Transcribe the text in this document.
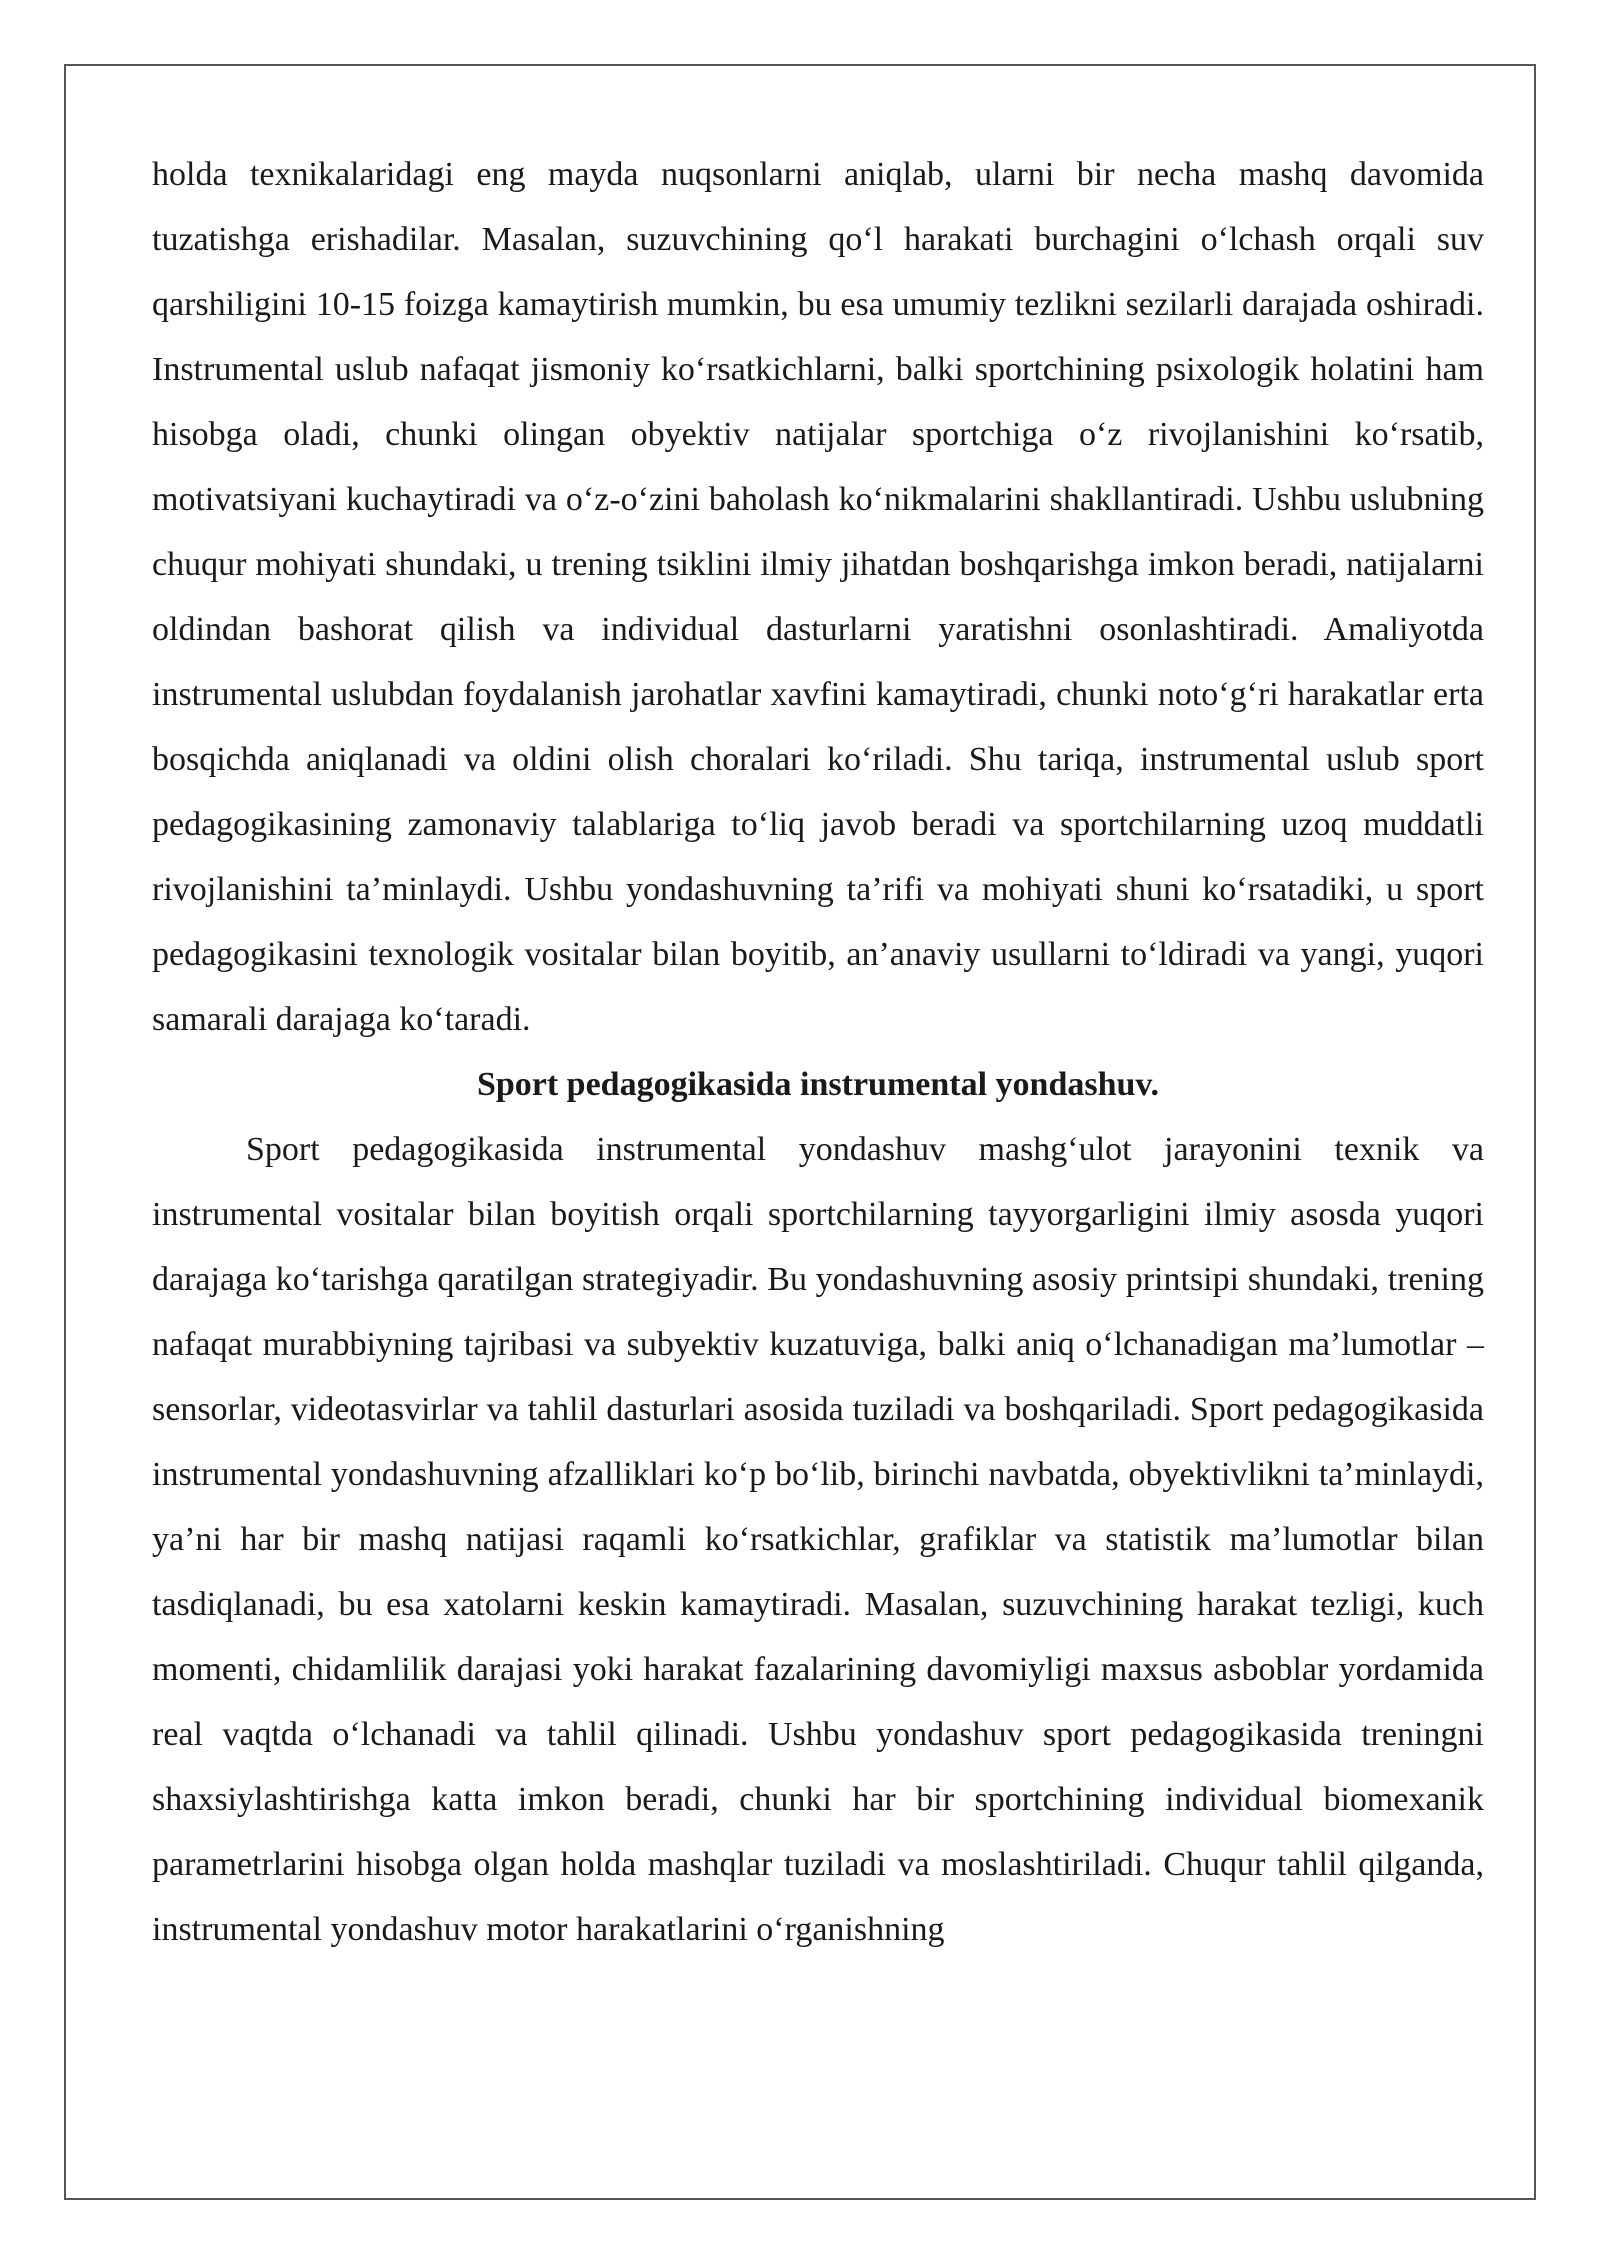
holda texnikalaridagi eng mayda nuqsonlarni aniqlab, ularni bir necha mashq davomida tuzatishga erishadilar. Masalan, suzuvchining qo‘l harakati burchagini o‘lchash orqali suv qarshiligini 10-15 foizga kamaytirish mumkin, bu esa umumiy tezlikni sezilarli darajada oshiradi. Instrumental uslub nafaqat jismoniy ko‘rsatkichlarni, balki sportchining psixologik holatini ham hisobga oladi, chunki olingan obyektiv natijalar sportchiga o‘z rivojlanishini ko‘rsatib, motivatsiyani kuchaytiradi va o‘z-o‘zini baholash ko‘nikmalarini shakllantiradi. Ushbu uslubning chuqur mohiyati shundaki, u trening tsiklini ilmiy jihatdan boshqarishga imkon beradi, natijalarni oldindan bashorat qilish va individual dasturlarni yaratishni osonlashtiradi. Amaliyotda instrumental uslubdan foydalanish jarohatlar xavfini kamaytiradi, chunki noto‘g‘ri harakatlar erta bosqichda aniqlanadi va oldini olish choralari ko‘riladi. Shu tariqa, instrumental uslub sport pedagogikasining zamonaviy talablariga to‘liq javob beradi va sportchilarning uzoq muddatli rivojlanishini ta’minlaydi. Ushbu yondashuvning ta’rifi va mohiyati shuni ko‘rsatadiki, u sport pedagogikasini texnologik vositalar bilan boyitib, an’anaviy usullarni to‘ldiradi va yangi, yuqori samarali darajaga ko‘taradi.

Sport pedagogikasida instrumental yondashuv.

Sport pedagogikasida instrumental yondashuv mashg‘ulot jarayonini texnik va instrumental vositalar bilan boyitish orqali sportchilarning tayyorgarligini ilmiy asosda yuqori darajaga ko‘tarishga qaratilgan strategiyadir. Bu yondashuvning asosiy printsipi shundaki, trening nafaqat murabbiyning tajribasi va subyektiv kuzatuviga, balki aniq o‘lchanadigan ma’lumotlar – sensorlar, videotasvirlar va tahlil dasturlari asosida tuziladi va boshqariladi. Sport pedagogikasida instrumental yondashuvning afzalliklari ko‘p bo‘lib, birinchi navbatda, obyektivlikni ta’minlaydi, ya’ni har bir mashq natijasi raqamli ko‘rsatkichlar, grafiklar va statistik ma’lumotlar bilan tasdiqlanadi, bu esa xatolarni keskin kamaytiradi. Masalan, suzuvchining harakat tezligi, kuch momenti, chidamlilik darajasi yoki harakat fazalarining davomiyligi maxsus asboblar yordamida real vaqtda o‘lchanadi va tahlil qilinadi. Ushbu yondashuv sport pedagogikasida treningni shaxsiylashtirishga katta imkon beradi, chunki har bir sportchining individual biomexanik parametrlarini hisobga olgan holda mashqlar tuziladi va moslashtiriladi. Chuqur tahlil qilganda, instrumental yondashuv motor harakatlarini o‘rganishning
